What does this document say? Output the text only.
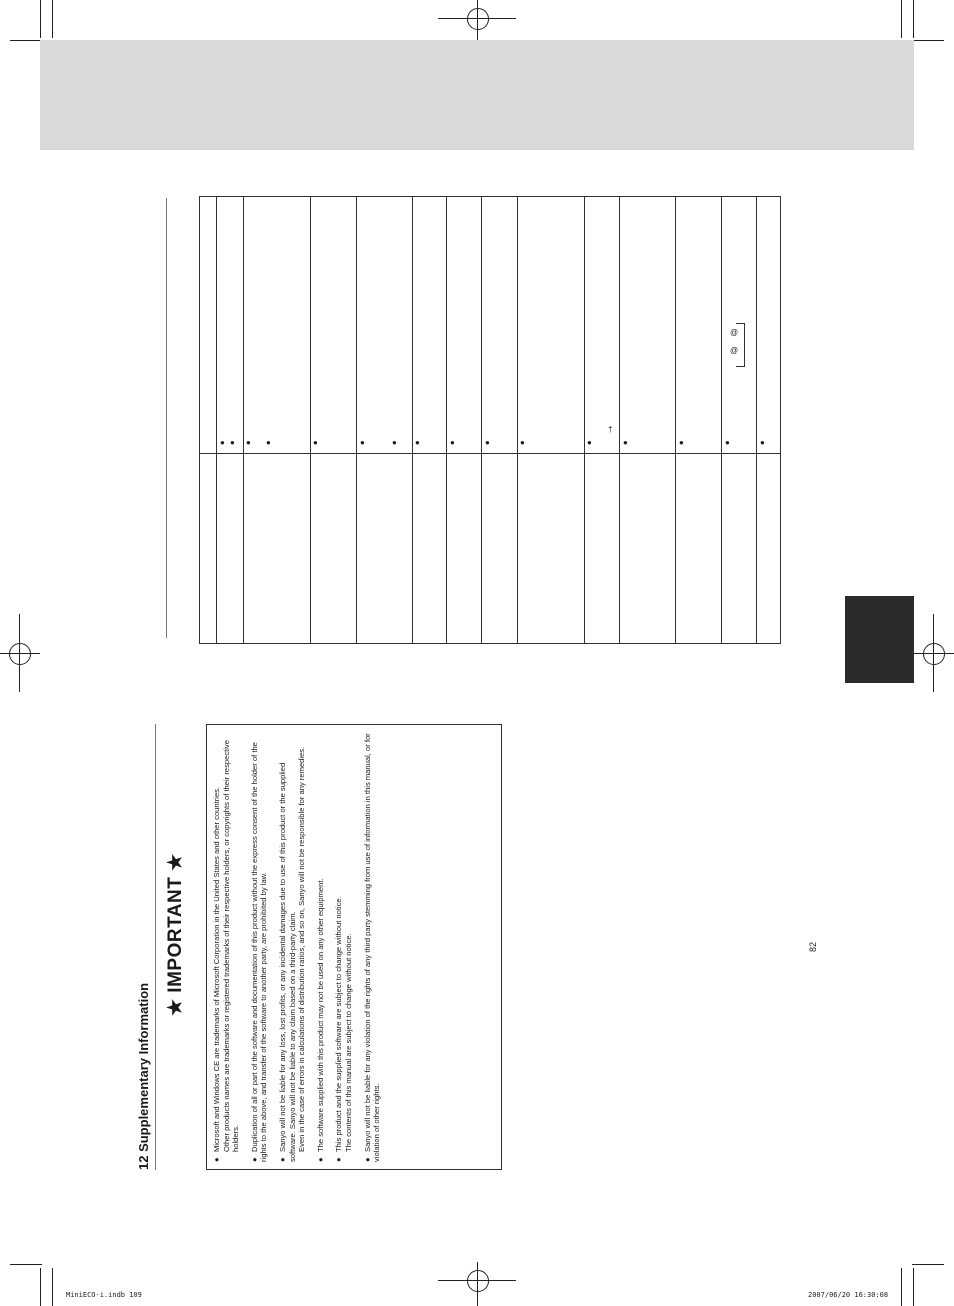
12 Supplementary Information
★ IMPORTANT ★

●Microsoft and Windows CE are trademarks of Microsoft Corporation in the United States and other countries. Other products names are trademarks or registered trademarks of their respective holders, or copyrights of their respective holders.

●Duplication of all or part of the software and documentation of this product without the express consent of the holder of the rights to the above, and transfer of the software to another party, are prohibited by law. ●Sanyo will not be liable for any loss, lost profits, or any incidental damages due to use of this product or the supplied software. Sanyo will not be liable to any claim based on a third-party claim. Even in the case of errors in calculations of distribution ratios, and so on, Sanyo will not be responsible for any remedies.

●The software supplied with this product may not be used on any other equipment.

●This product and the supplied software are subject to change without notice. The contents of this manual are subject to change without notice.

●Sanyo will not be liable for any violation of the rights of any third party stemming from use of information in this manual, or for violation of other rights.

● ● ● ●	●	●	● ●	●	●	●	●
†
●	●	●	●
@
@
82
MiniECO-i.indb 109	2007/06/20 16:30:08
